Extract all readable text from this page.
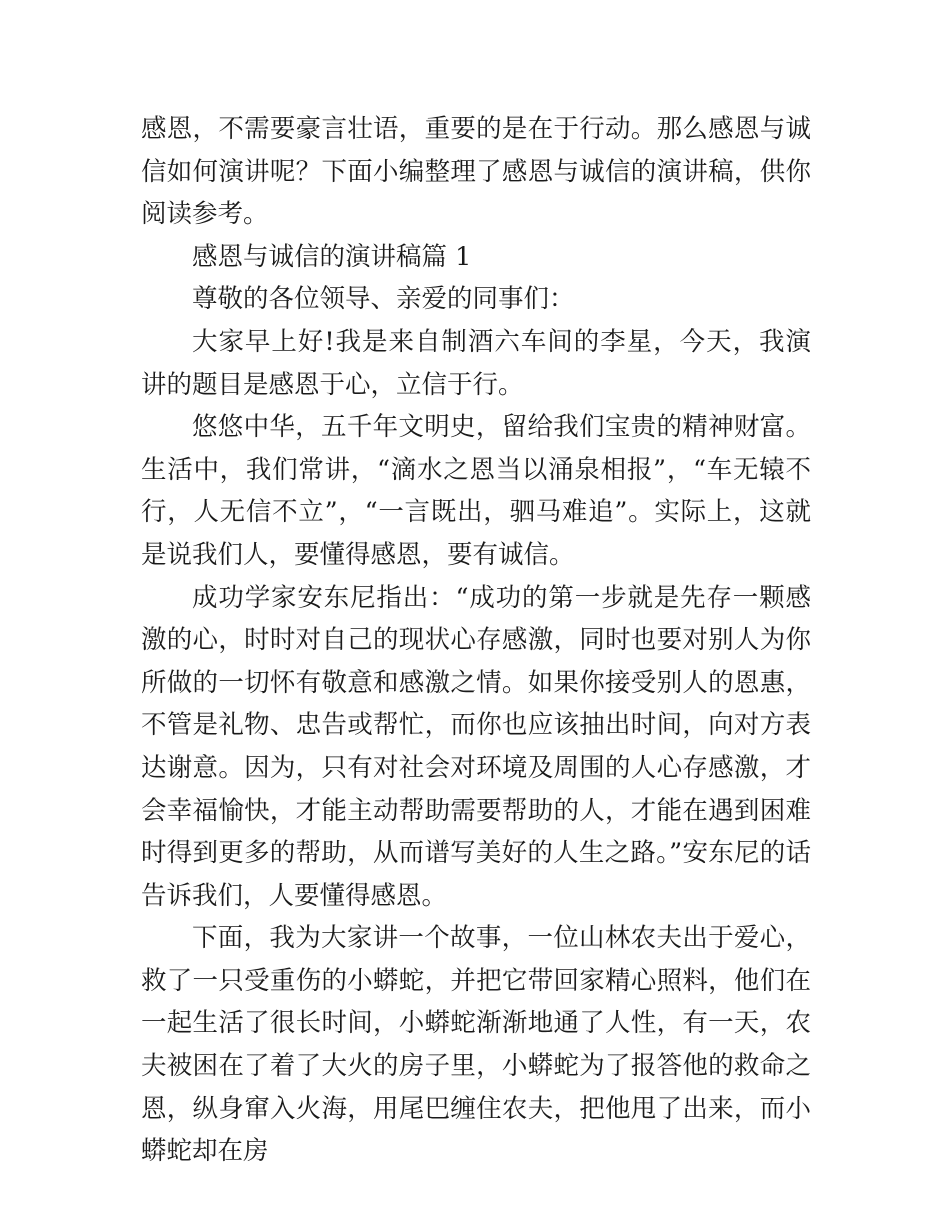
感恩，不需要豪言壮语，重要的是在于行动。那么感恩与诚信如何演讲呢？下面小编整理了感恩与诚信的演讲稿，供你阅读参考。

感恩与诚信的演讲稿篇 1

尊敬的各位领导、亲爱的同事们：

大家早上好!我是来自制酒六车间的李星，今天，我演讲的题目是感恩于心，立信于行。

悠悠中华，五千年文明史，留给我们宝贵的精神财富。生活中，我们常讲，“滴水之恩当以涌泉相报”，“车无辕不行，人无信不立”，“一言既出，驷马难追”。实际上，这就是说我们人，要懂得感恩，要有诚信。

成功学家安东尼指出：“成功的第一步就是先存一颗感激的心，时时对自己的现状心存感激，同时也要对别人为你所做的一切怀有敬意和感激之情。如果你接受别人的恩惠，不管是礼物、忠告或帮忙，而你也应该抽出时间，向对方表达谢意。因为，只有对社会对环境及周围的人心存感激，才会幸福愉快，才能主动帮助需要帮助的人，才能在遇到困难时得到更多的帮助，从而谱写美好的人生之路。”安东尼的话告诉我们，人要懂得感恩。

下面，我为大家讲一个故事，一位山林农夫出于爱心，救了一只受重伤的小蟒蛇，并把它带回家精心照料，他们在一起生活了很长时间，小蟒蛇渐渐地通了人性，有一天，农夫被困在了着了大火的房子里，小蟒蛇为了报答他的救命之恩，纵身窜入火海，用尾巴缠住农夫，把他甩了出来，而小蟒蛇却在房
